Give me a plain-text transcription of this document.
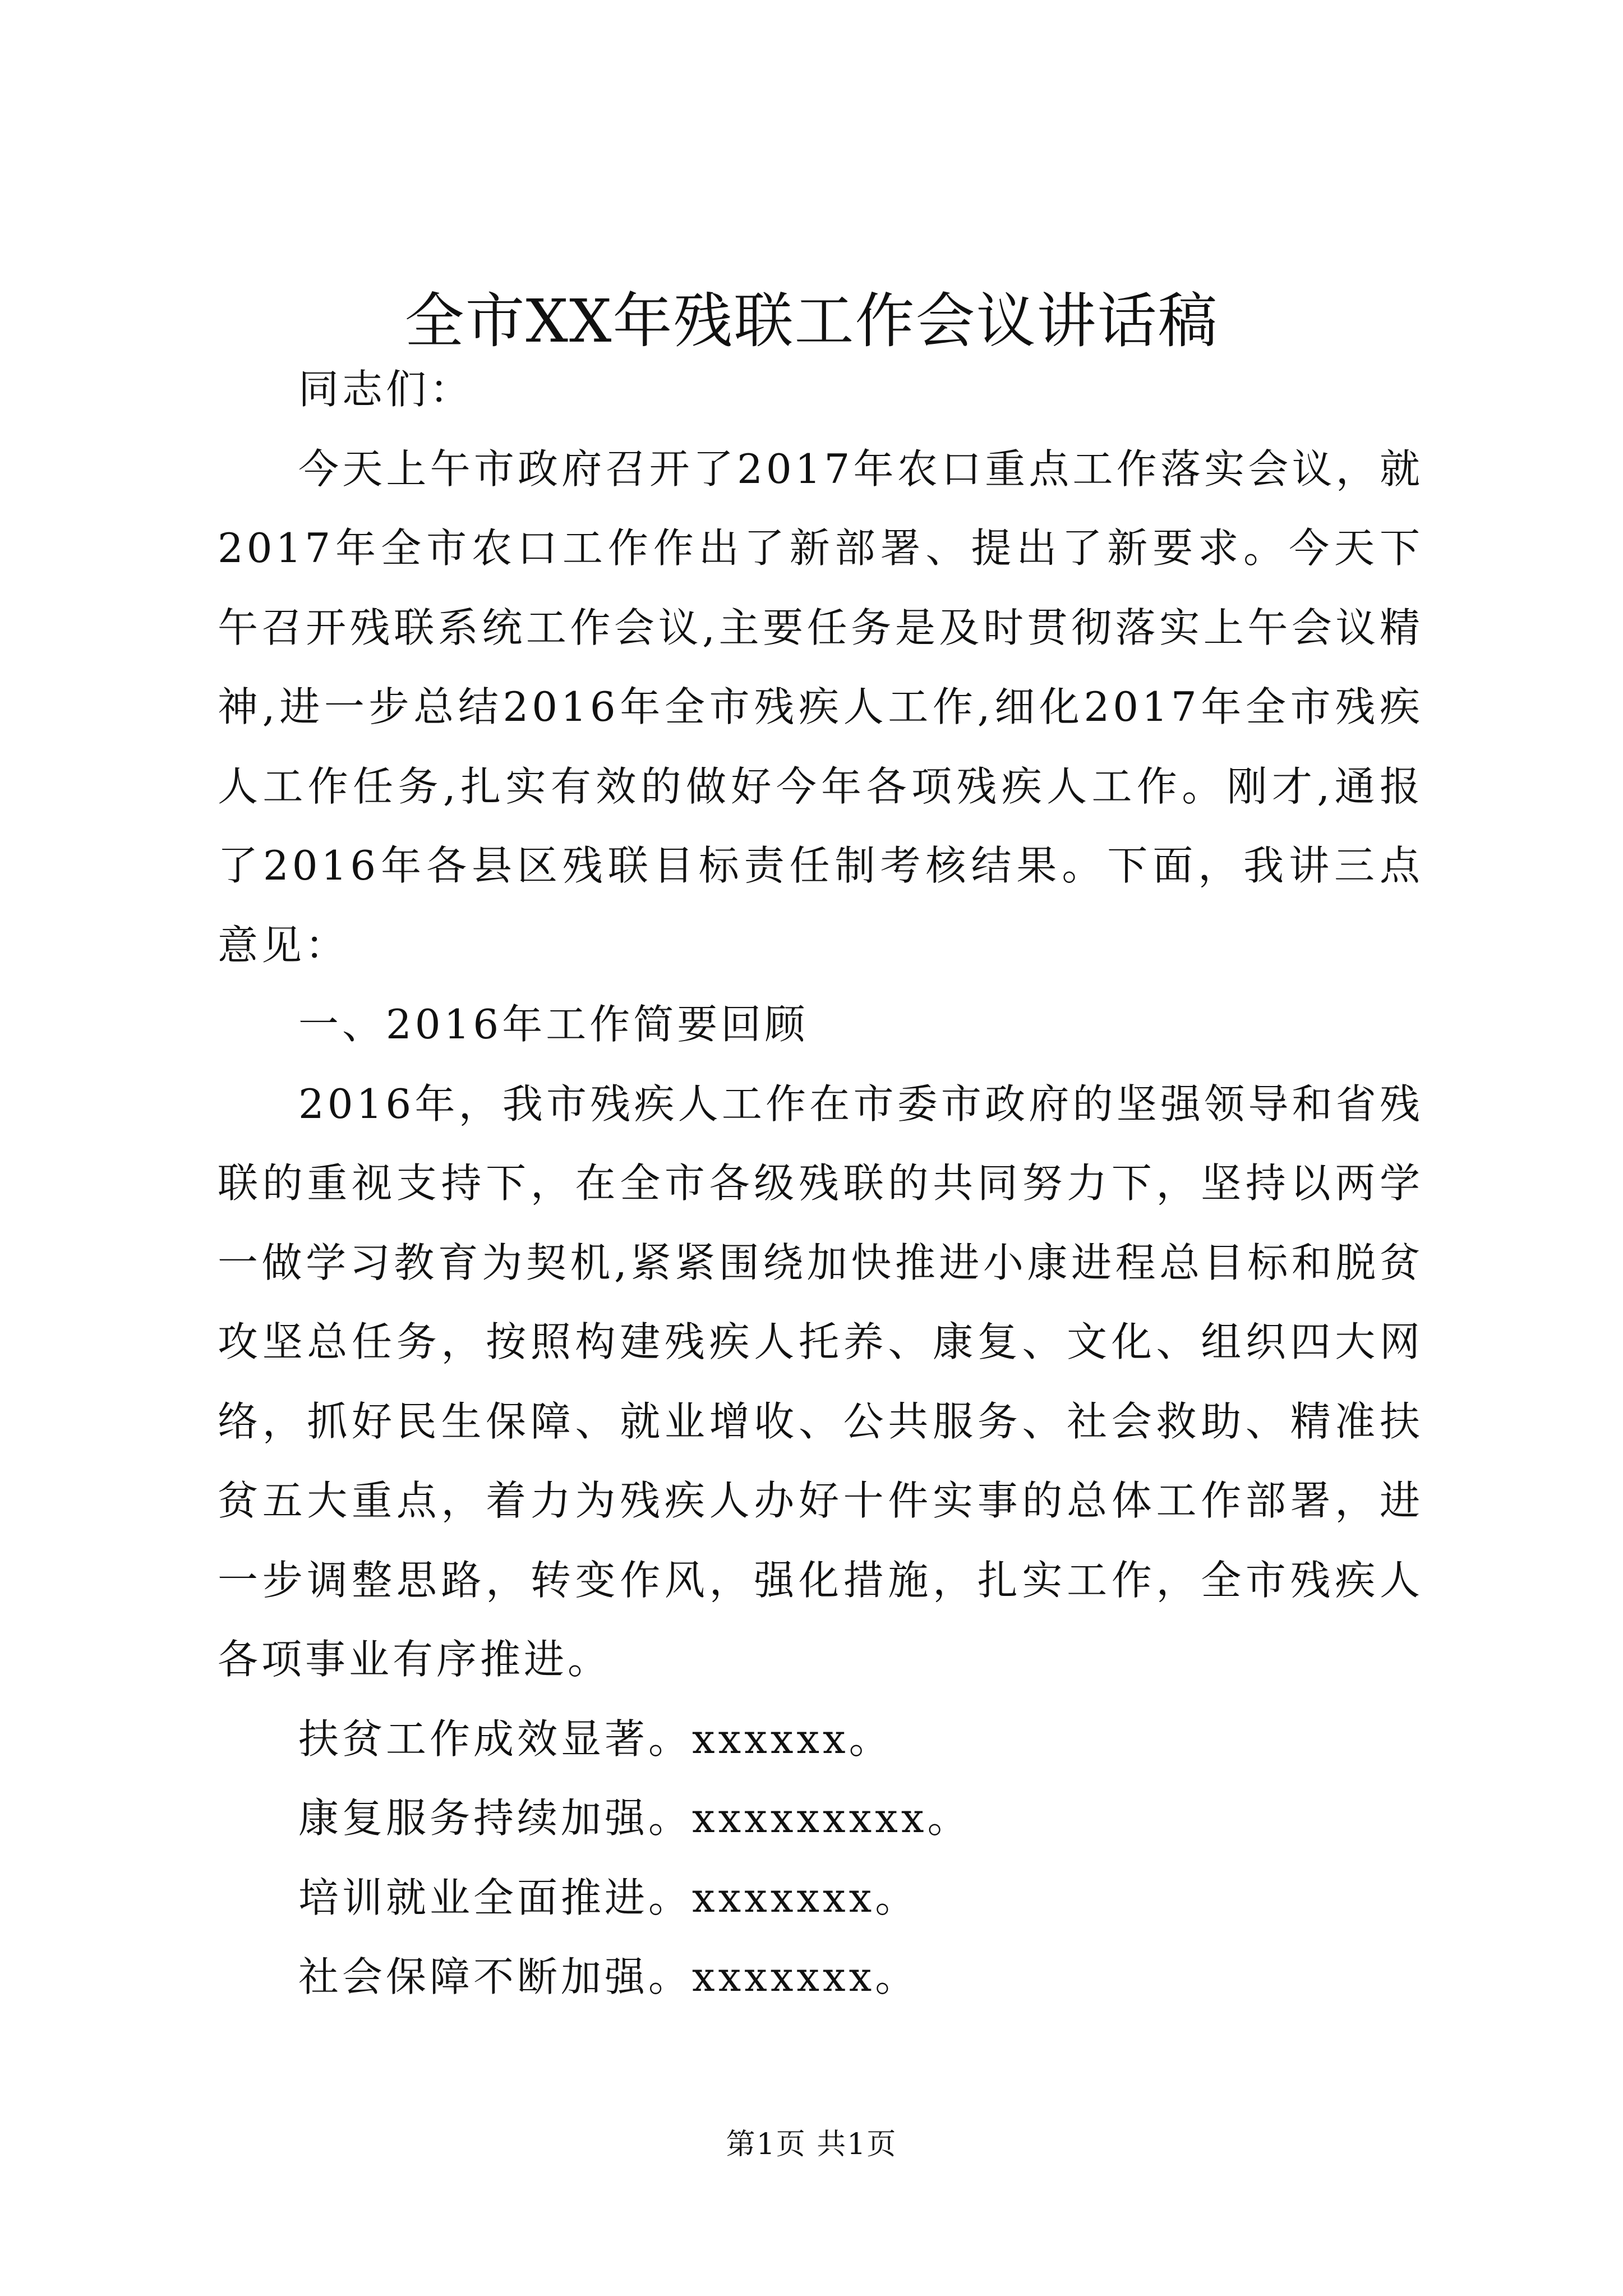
全市XX年残联工作会议讲话稿

同志们：

今天上午市政府召开了2017年农口重点工作落实会议，就2017年全市农口工作作出了新部署、提出了新要求。今天下午召开残联系统工作会议,主要任务是及时贯彻落实上午会议精神,进一步总结2016年全市残疾人工作,细化2017年全市残疾人工作任务,扎实有效的做好今年各项残疾人工作。刚才,通报了2016年各县区残联目标责任制考核结果。下面，我讲三点意见：

一、2016年工作简要回顾

2016年，我市残疾人工作在市委市政府的坚强领导和省残联的重视支持下，在全市各级残联的共同努力下，坚持以两学一做学习教育为契机,紧紧围绕加快推进小康进程总目标和脱贫攻坚总任务，按照构建残疾人托养、康复、文化、组织四大网络，抓好民生保障、就业增收、公共服务、社会救助、精准扶贫五大重点，着力为残疾人办好十件实事的总体工作部署，进一步调整思路，转变作风，强化措施，扎实工作，全市残疾人各项事业有序推进。

扶贫工作成效显著。xxxxxx。

康复服务持续加强。xxxxxxxxx。

培训就业全面推进。xxxxxxx。

社会保障不断加强。xxxxxxx。

第1页 共1页
